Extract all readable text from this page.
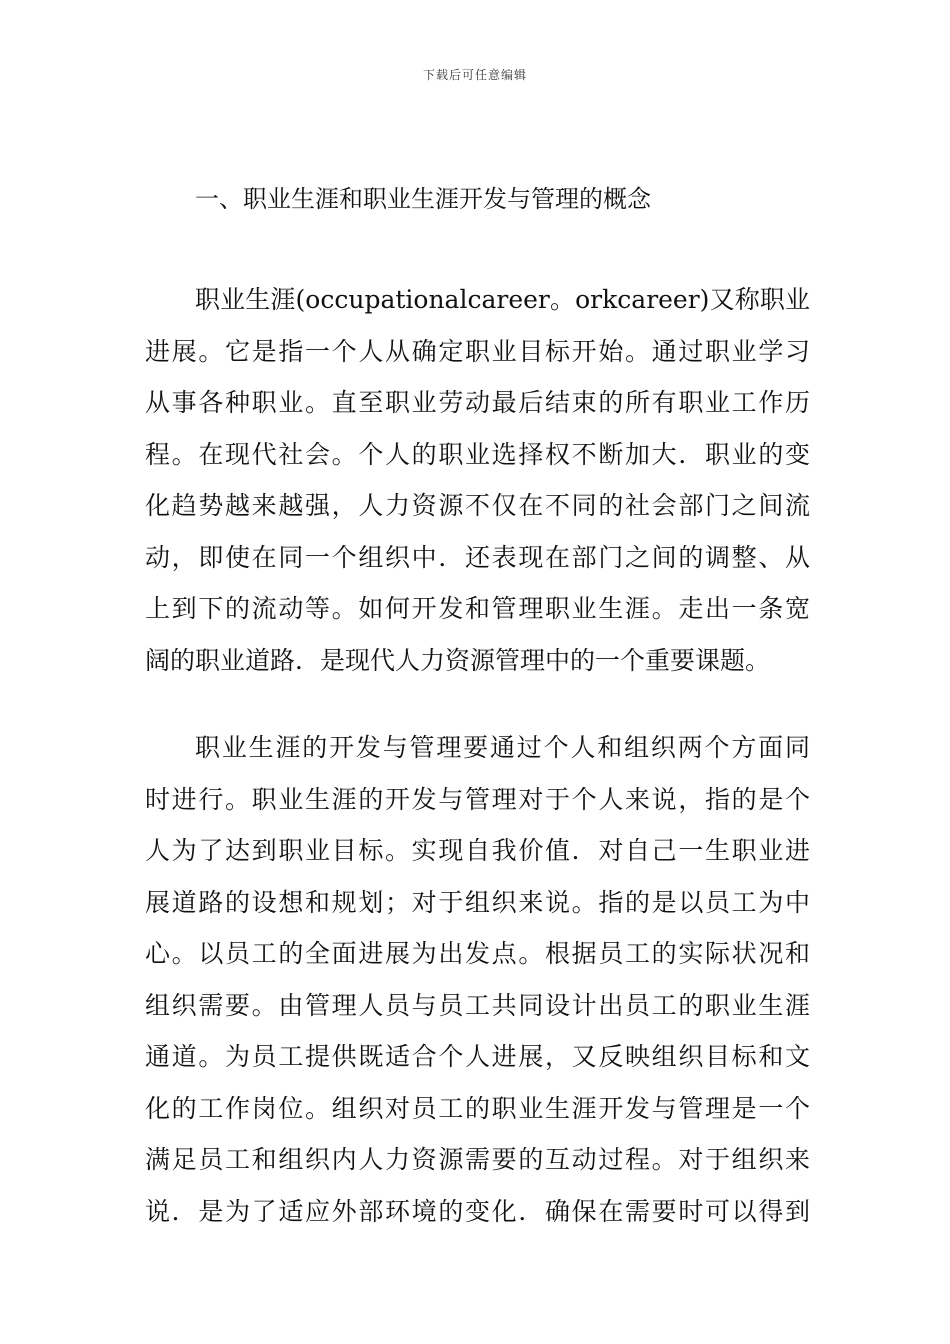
下载后可任意编辑
一、职业生涯和职业生涯开发与管理的概念
职业生涯(occupationalcareer。orkcareer)又称职业
进展。它是指一个人从确定职业目标开始。通过职业学习
从事各种职业。直至职业劳动最后结束的所有职业工作历
程。在现代社会。个人的职业选择权不断加大．职业的变
化趋势越来越强，人力资源不仅在不同的社会部门之间流
动，即使在同一个组织中．还表现在部门之间的调整、从
上到下的流动等。如何开发和管理职业生涯。走出一条宽
阔的职业道路．是现代人力资源管理中的一个重要课题。
职业生涯的开发与管理要通过个人和组织两个方面同
时进行。职业生涯的开发与管理对于个人来说，指的是个
人为了达到职业目标。实现自我价值．对自己一生职业进
展道路的设想和规划；对于组织来说。指的是以员工为中
心。以员工的全面进展为出发点。根据员工的实际状况和
组织需要。由管理人员与员工共同设计出员工的职业生涯
通道。为员工提供既适合个人进展，又反映组织目标和文
化的工作岗位。组织对员工的职业生涯开发与管理是一个
满足员工和组织内人力资源需要的互动过程。对于组织来
说．是为了适应外部环境的变化．确保在需要时可以得到
